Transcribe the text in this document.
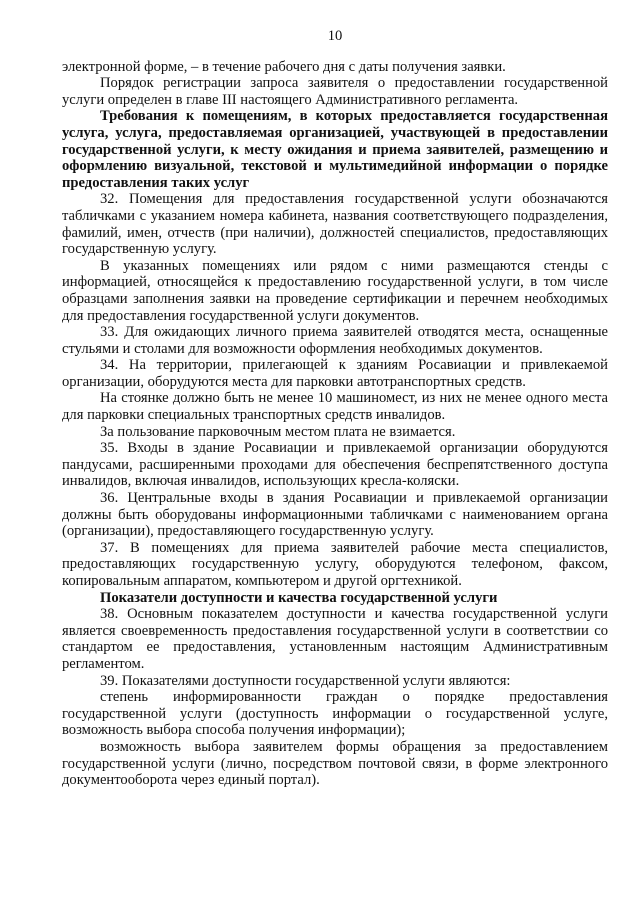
10

электронной форме, – в течение рабочего дня с даты получения заявки.

Порядок регистрации запроса заявителя о предоставлении государственной услуги определен в главе III настоящего Административного регламента.

Требования к помещениям, в которых предоставляется государственная услуга, услуга, предоставляемая организацией, участвующей в предоставлении государственной услуги, к месту ожидания и приема заявителей, размещению и оформлению визуальной, текстовой и мультимедийной информации о порядке предоставления таких услуг

32. Помещения для предоставления государственной услуги обозначаются табличками с указанием номера кабинета, названия соответствующего подразделения, фамилий, имен, отчеств (при наличии), должностей специалистов, предоставляющих государственную услугу.

В указанных помещениях или рядом с ними размещаются стенды с информацией, относящейся к предоставлению государственной услуги, в том числе образцами заполнения заявки на проведение сертификации и перечнем необходимых для предоставления государственной услуги документов.

33. Для ожидающих личного приема заявителей отводятся места, оснащенные стульями и столами для возможности оформления необходимых документов.

34. На территории, прилегающей к зданиям Росавиации и привлекаемой организации, оборудуются места для парковки автотранспортных средств.

На стоянке должно быть не менее 10 машиномест, из них не менее одного места для парковки специальных транспортных средств инвалидов.

За пользование парковочным местом плата не взимается.

35. Входы в здание Росавиации и привлекаемой организации оборудуются пандусами, расширенными проходами для обеспечения беспрепятственного доступа инвалидов, включая инвалидов, использующих кресла-коляски.

36. Центральные входы в здания Росавиации и привлекаемой организации должны быть оборудованы информационными табличками с наименованием органа (организации), предоставляющего государственную услугу.

37. В помещениях для приема заявителей рабочие места специалистов, предоставляющих государственную услугу, оборудуются телефоном, факсом, копировальным аппаратом, компьютером и другой оргтехникой.

Показатели доступности и качества государственной услуги

38. Основным показателем доступности и качества государственной услуги является своевременность предоставления государственной услуги в соответствии со стандартом ее предоставления, установленным настоящим Административным регламентом.

39. Показателями доступности государственной услуги являются:

степень информированности граждан о порядке предоставления государственной услуги (доступность информации о государственной услуге, возможность выбора способа получения информации);

возможность выбора заявителем формы обращения за предоставлением государственной услуги (лично, посредством почтовой связи, в форме электронного документооборота через единый портал).
